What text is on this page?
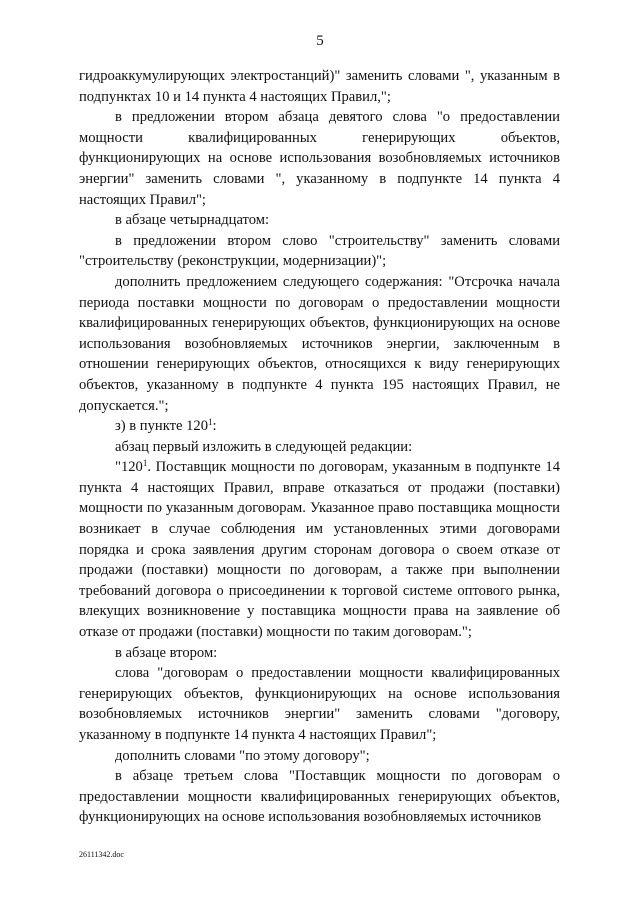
5

гидроаккумулирующих электростанций)" заменить словами ", указанным в подпунктах 10 и 14 пункта 4 настоящих Правил,";

в предложении втором абзаца девятого слова "о предоставлении мощности квалифицированных генерирующих объектов, функционирующих на основе использования возобновляемых источников энергии" заменить словами ", указанному в подпункте 14 пункта 4 настоящих Правил";

в абзаце четырнадцатом:

в предложении втором слово "строительству" заменить словами "строительству (реконструкции, модернизации)";

дополнить предложением следующего содержания: "Отсрочка начала периода поставки мощности по договорам о предоставлении мощности квалифицированных генерирующих объектов, функционирующих на основе использования возобновляемых источников энергии, заключенным в отношении генерирующих объектов, относящихся к виду генерирующих объектов, указанному в подпункте 4 пункта 195 настоящих Правил, не допускается.";

з) в пункте $120^1$:

абзац первый изложить в следующей редакции:

"$120^1$. Поставщик мощности по договорам, указанным в подпункте 14 пункта 4 настоящих Правил, вправе отказаться от продажи (поставки) мощности по указанным договорам. Указанное право поставщика мощности возникает в случае соблюдения им установленных этими договорами порядка и срока заявления другим сторонам договора о своем отказе от продажи (поставки) мощности по договорам, а также при выполнении требований договора о присоединении к торговой системе оптового рынка, влекущих возникновение у поставщика мощности права на заявление об отказе от продажи (поставки) мощности по таким договорам.";

в абзаце втором:

слова "договорам о предоставлении мощности квалифицированных генерирующих объектов, функционирующих на основе использования возобновляемых источников энергии" заменить словами "договору, указанному в подпункте 14 пункта 4 настоящих Правил";

дополнить словами "по этому договору";

в абзаце третьем слова "Поставщик мощности по договорам о предоставлении мощности квалифицированных генерирующих объектов, функционирующих на основе использования возобновляемых источников

26111342.doc
